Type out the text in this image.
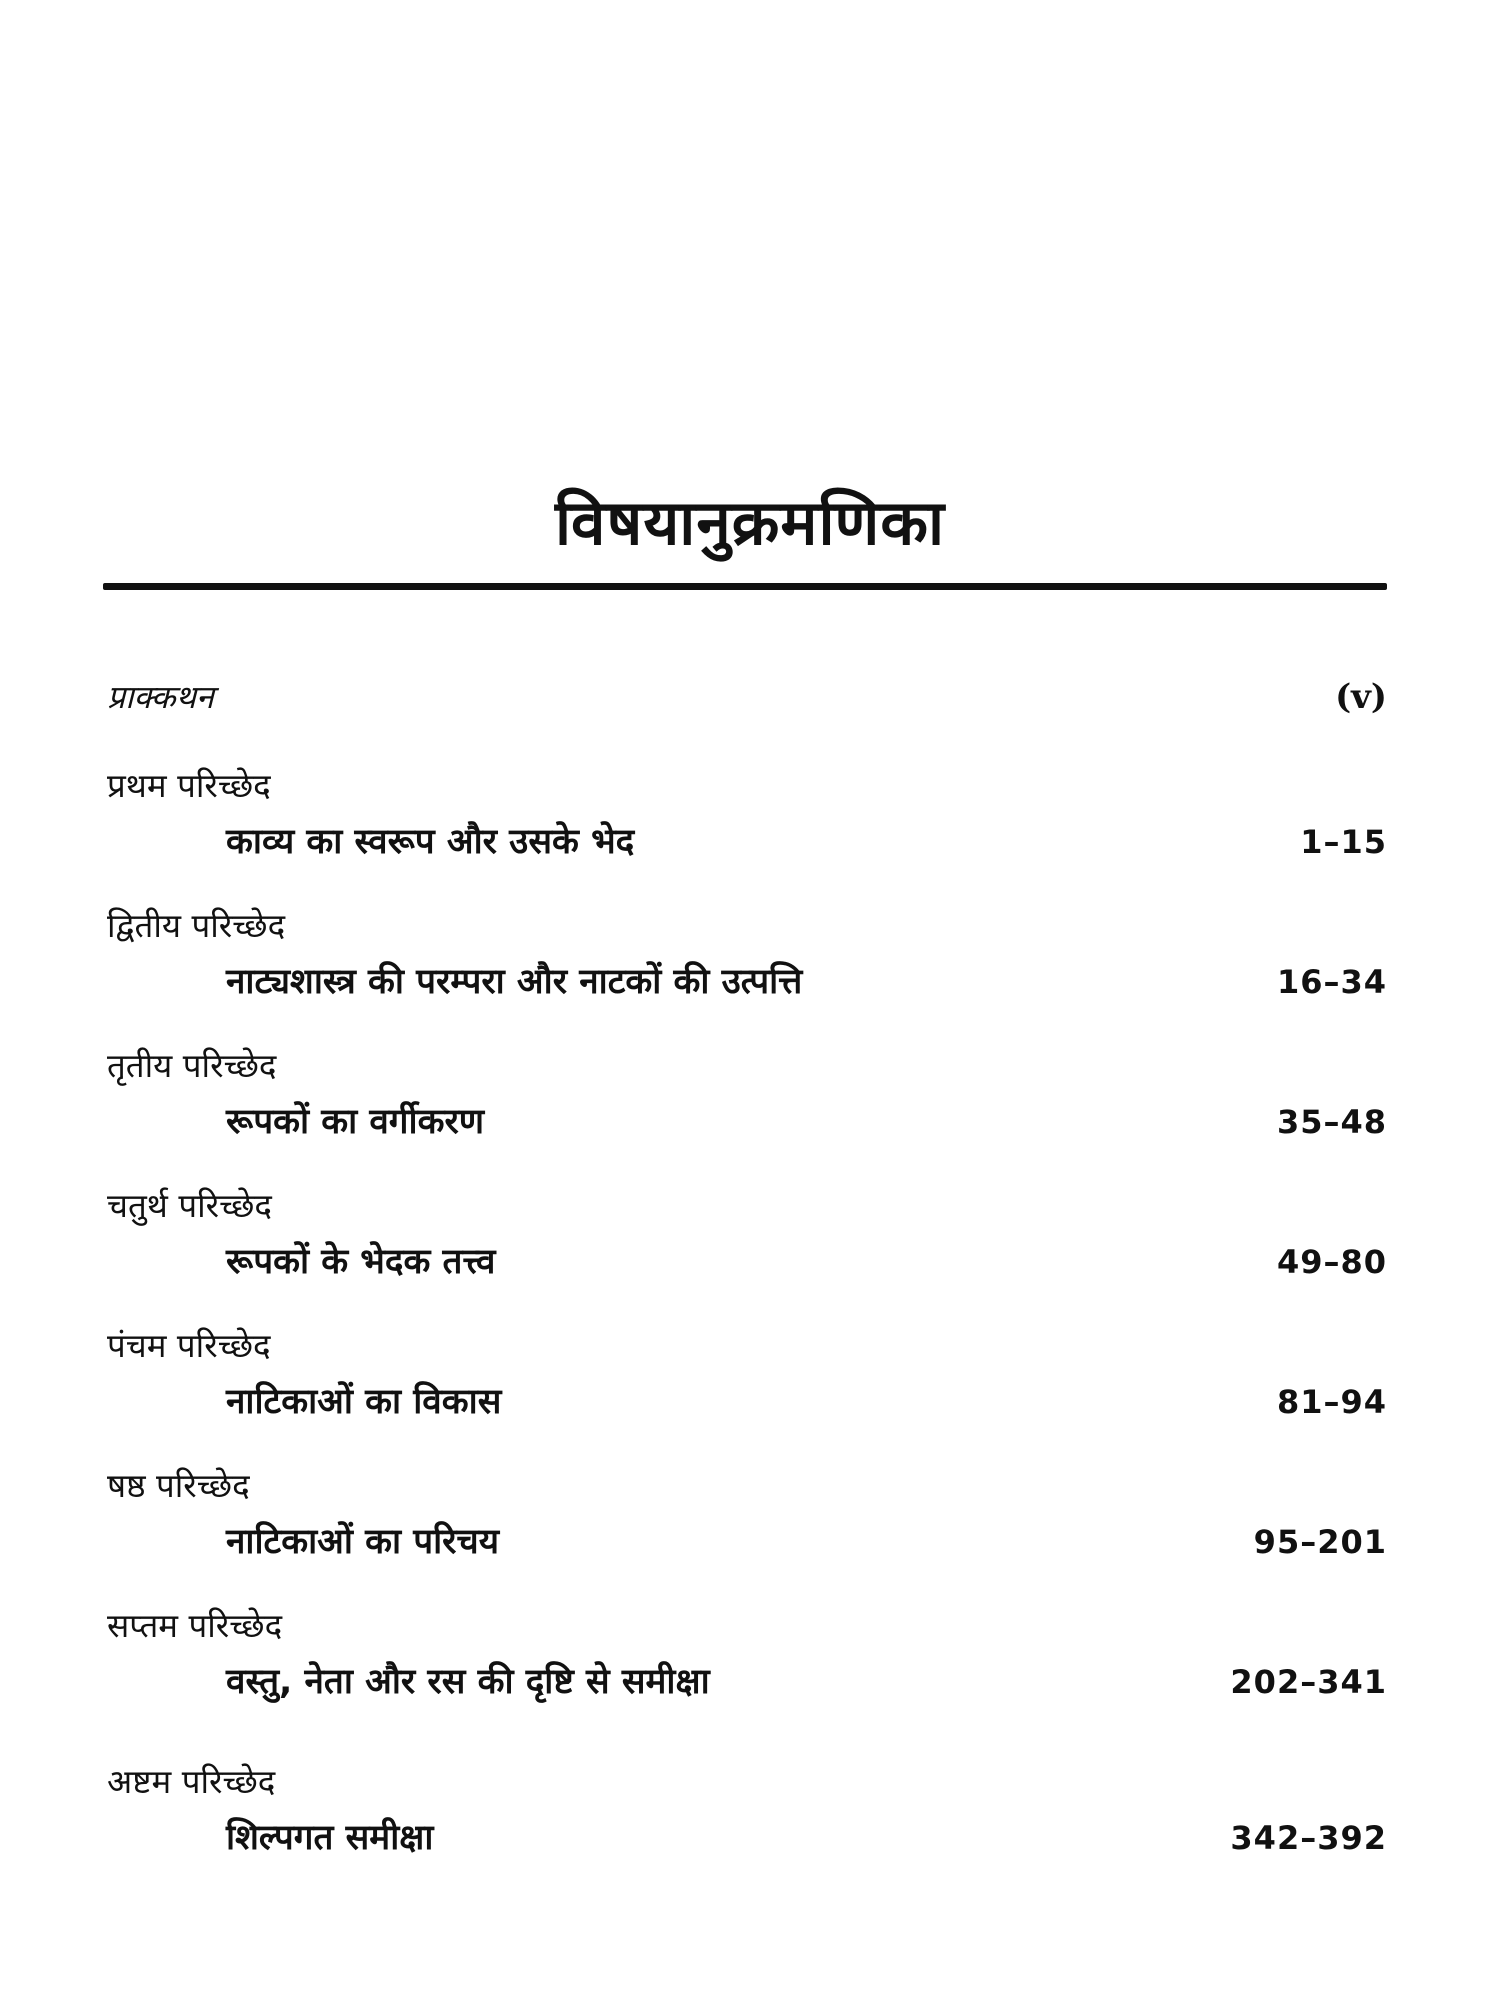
विषयानुक्रमणिका
प्राक्कथन	(v)
प्रथम परिच्छेद
काव्य का स्वरूप और उसके भेद	1–15
द्वितीय परिच्छेद
नाट्यशास्त्र की परम्परा और नाटकों की उत्पत्ति	16–34
तृतीय परिच्छेद
रूपकों का वर्गीकरण	35–48
चतुर्थ परिच्छेद
रूपकों के भेदक तत्त्व	49–80
पंचम परिच्छेद
नाटिकाओं का विकास	81–94
षष्ठ परिच्छेद
नाटिकाओं का परिचय	95–201
सप्तम परिच्छेद
वस्तु, नेता और रस की दृष्टि से समीक्षा	202–341
अष्टम परिच्छेद
शिल्पगत समीक्षा	342–392
